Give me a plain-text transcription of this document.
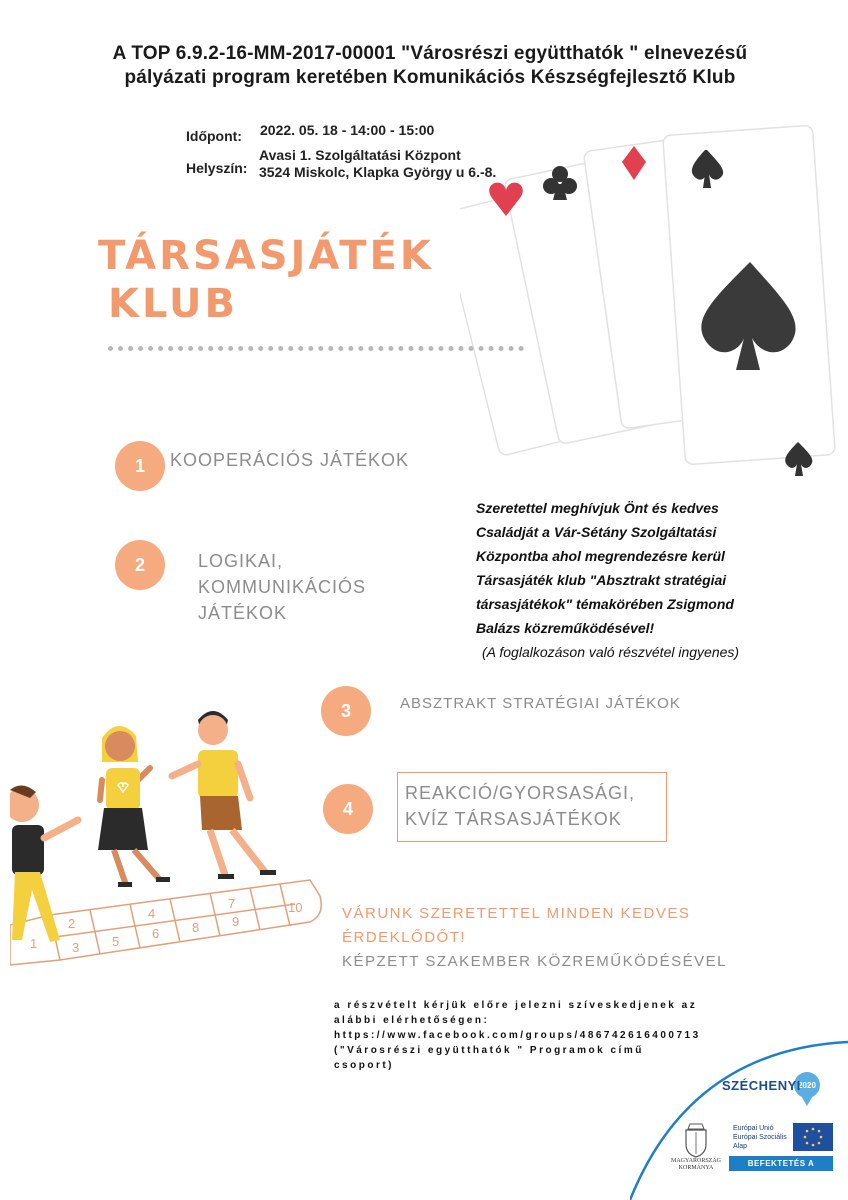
A TOP 6.9.2-16-MM-2017-00001 "Városrészi együtthatók " elnevezésű
pályázati program keretében Komunikációs Készségfejlesztő Klub
Időpont: 2022. 05. 18 - 14:00 - 15:00
Helyszín:
Avasi 1. Szolgáltatási Központ
3524 Miskolc, Klapka György u 6.-8.
TÁRSASJÁTÉK
KLUB
1	KOOPERÁCIÓS JÁTÉKOK
2	LOGIKAI,
KOMMUNIKÁCIÓS
JÁTÉKOK
Szeretettel meghívjuk Önt és kedves
Családját a Vár-Sétány Szolgáltatási
Központba ahol megrendezésre kerül
Társasjáték klub "Absztrakt stratégiai
társasjátékok" témakörében Zsigmond
Balázs közreműködésével!
(A foglalkozáson való részvétel ingyenes)
3	ABSZTRAKT STRATÉGIAI JÁTÉKOK
4
REAKCIÓ/GYORSASÁGI,
KVÍZ TÁRSASJÁTÉKOK
1	3	5
6	8	9
4
7	10
2
VÁRUNK SZERETETTEL MINDEN KEDVES
ÉRDEKLŐDŐT!
KÉPZETT SZAKEMBER KÖZREMŰKÖDÉSÉVEL
a részvételt kérjük előre jelezni szíveskedjenek az
alábbi elérhetőségen:
https://www.facebook.com/groups/486742616400713
("Városrészi együtthatók " Programok című
csoport)
2020
SZÉCHENYI
MAGYARORSZÁG
KORMÁNYA
Európai Unió
Európai Szociális
Alap
BEFEKTETÉS A JÖVŐBE
